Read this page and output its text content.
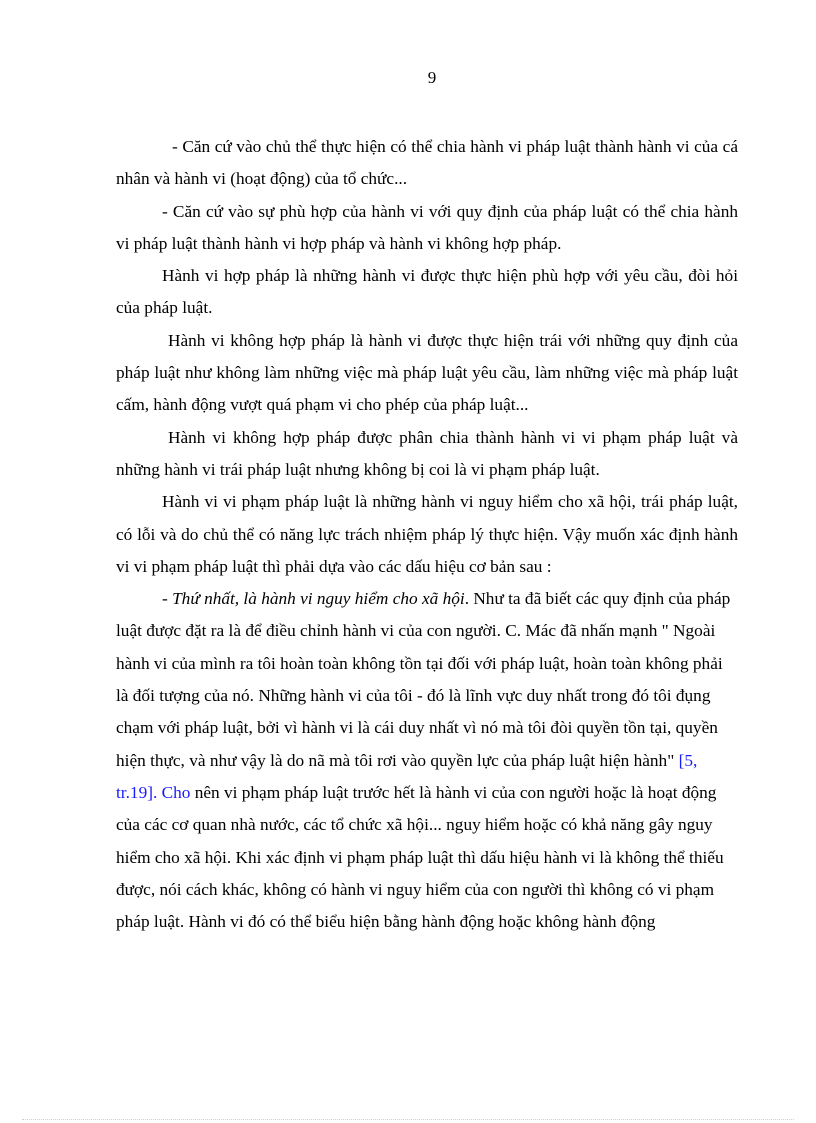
9

- Căn cứ vào chủ thể thực hiện có thể chia hành vi pháp luật thành hành vi của cá nhân và hành vi (hoạt động) của tổ chức...

- Căn cứ vào sự phù hợp của hành vi với quy định của pháp luật có thể chia hành vi pháp luật thành hành vi hợp pháp và hành vi không hợp pháp.

Hành vi hợp pháp là những hành vi được thực hiện phù hợp với yêu cầu, đòi hỏi của pháp luật.

Hành vi không hợp pháp là hành vi được thực hiện trái với những quy định của pháp luật như không làm những việc mà pháp luật yêu cầu, làm những việc mà pháp luật cấm, hành động vượt quá phạm vi cho phép của pháp luật...

Hành vi không hợp pháp được phân chia thành hành vi vi phạm pháp luật và những hành vi trái pháp luật nhưng không bị coi là vi phạm pháp luật.

Hành vi vi phạm pháp luật là những hành vi nguy hiểm cho xã hội, trái pháp luật, có lỗi và do chủ thể có năng lực trách nhiệm pháp lý thực hiện. Vậy muốn xác định hành vi vi phạm pháp luật thì phải dựa vào các dấu hiệu cơ bản sau :

- Thứ nhất, là hành vi nguy hiểm cho xã hội. Như ta đã biết các quy định của pháp luật được đặt ra là để điều chỉnh hành vi của con người. C. Mác đã nhấn mạnh " Ngoài hành vi của mình ra tôi hoàn toàn không tồn tại đối với pháp luật, hoàn toàn không phải là đối tượng của nó. Những hành vi của tôi - đó là lĩnh vực duy nhất trong đó tôi đụng chạm với pháp luật, bởi vì hành vi là cái duy nhất vì nó mà tôi đòi quyền tồn tại, quyền hiện thực, và như vậy là do nã mà tôi rơi vào quyền lực của pháp luật hiện hành" [5, tr.19]. Cho nên vi phạm pháp luật trước hết là hành vi của con người hoặc là hoạt động của các cơ quan nhà nước, các tổ chức xã hội... nguy hiểm hoặc có khả năng gây nguy hiểm cho xã hội. Khi xác định vi phạm pháp luật thì dấu hiệu hành vi là không thể thiếu được, nói cách khác, không có hành vi nguy hiểm của con người thì không có vi phạm pháp luật. Hành vi đó có thể biểu hiện bằng hành động hoặc không hành động
